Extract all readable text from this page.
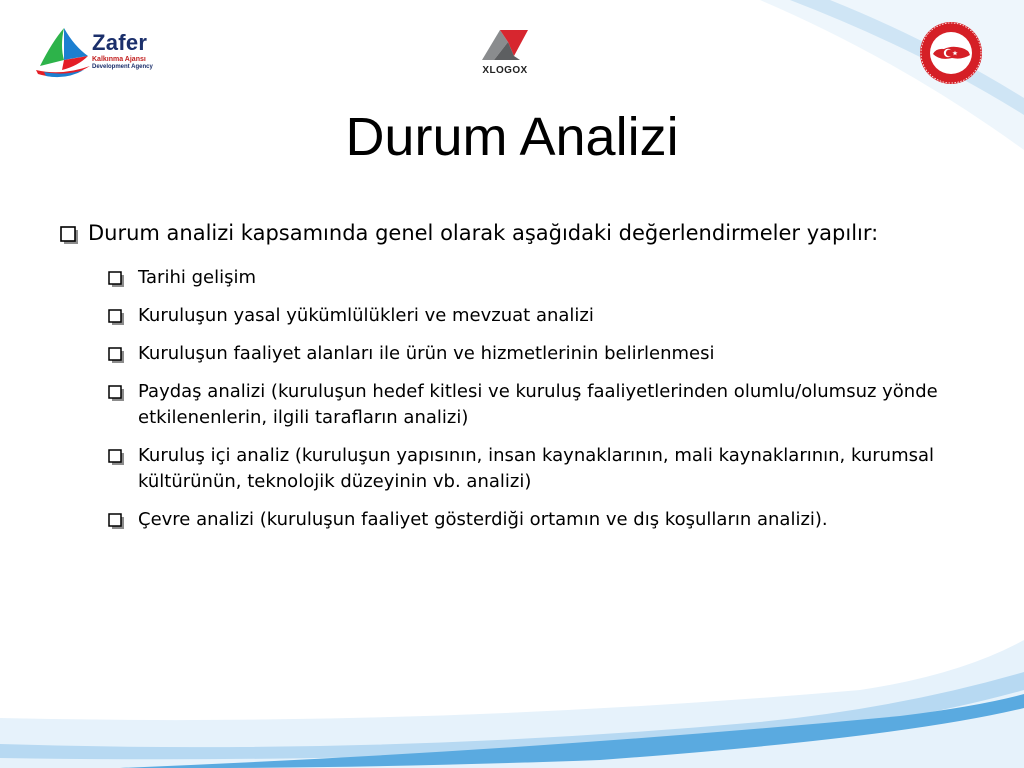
Zafer
Kalkınma Ajansı
Development Agency	XLOGOX
Durum Analizi
Durum analizi kapsamında genel olarak aşağıdaki değerlendirmeler yapılır:
Tarihi gelişim
Kuruluşun yasal yükümlülükleri ve mevzuat analizi
Kuruluşun faaliyet alanları ile ürün ve hizmetlerinin belirlenmesi
Paydaş analizi (kuruluşun hedef kitlesi ve kuruluş faaliyetlerinden olumlu/olumsuz yönde etkilenenlerin, ilgili tarafların analizi)
Kuruluş içi analiz (kuruluşun yapısının, insan kaynaklarının, mali kaynaklarının, kurumsal kültürünün, teknolojik düzeyinin vb. analizi)
Çevre analizi (kuruluşun faaliyet gösterdiği ortamın ve dış koşulların analizi).
